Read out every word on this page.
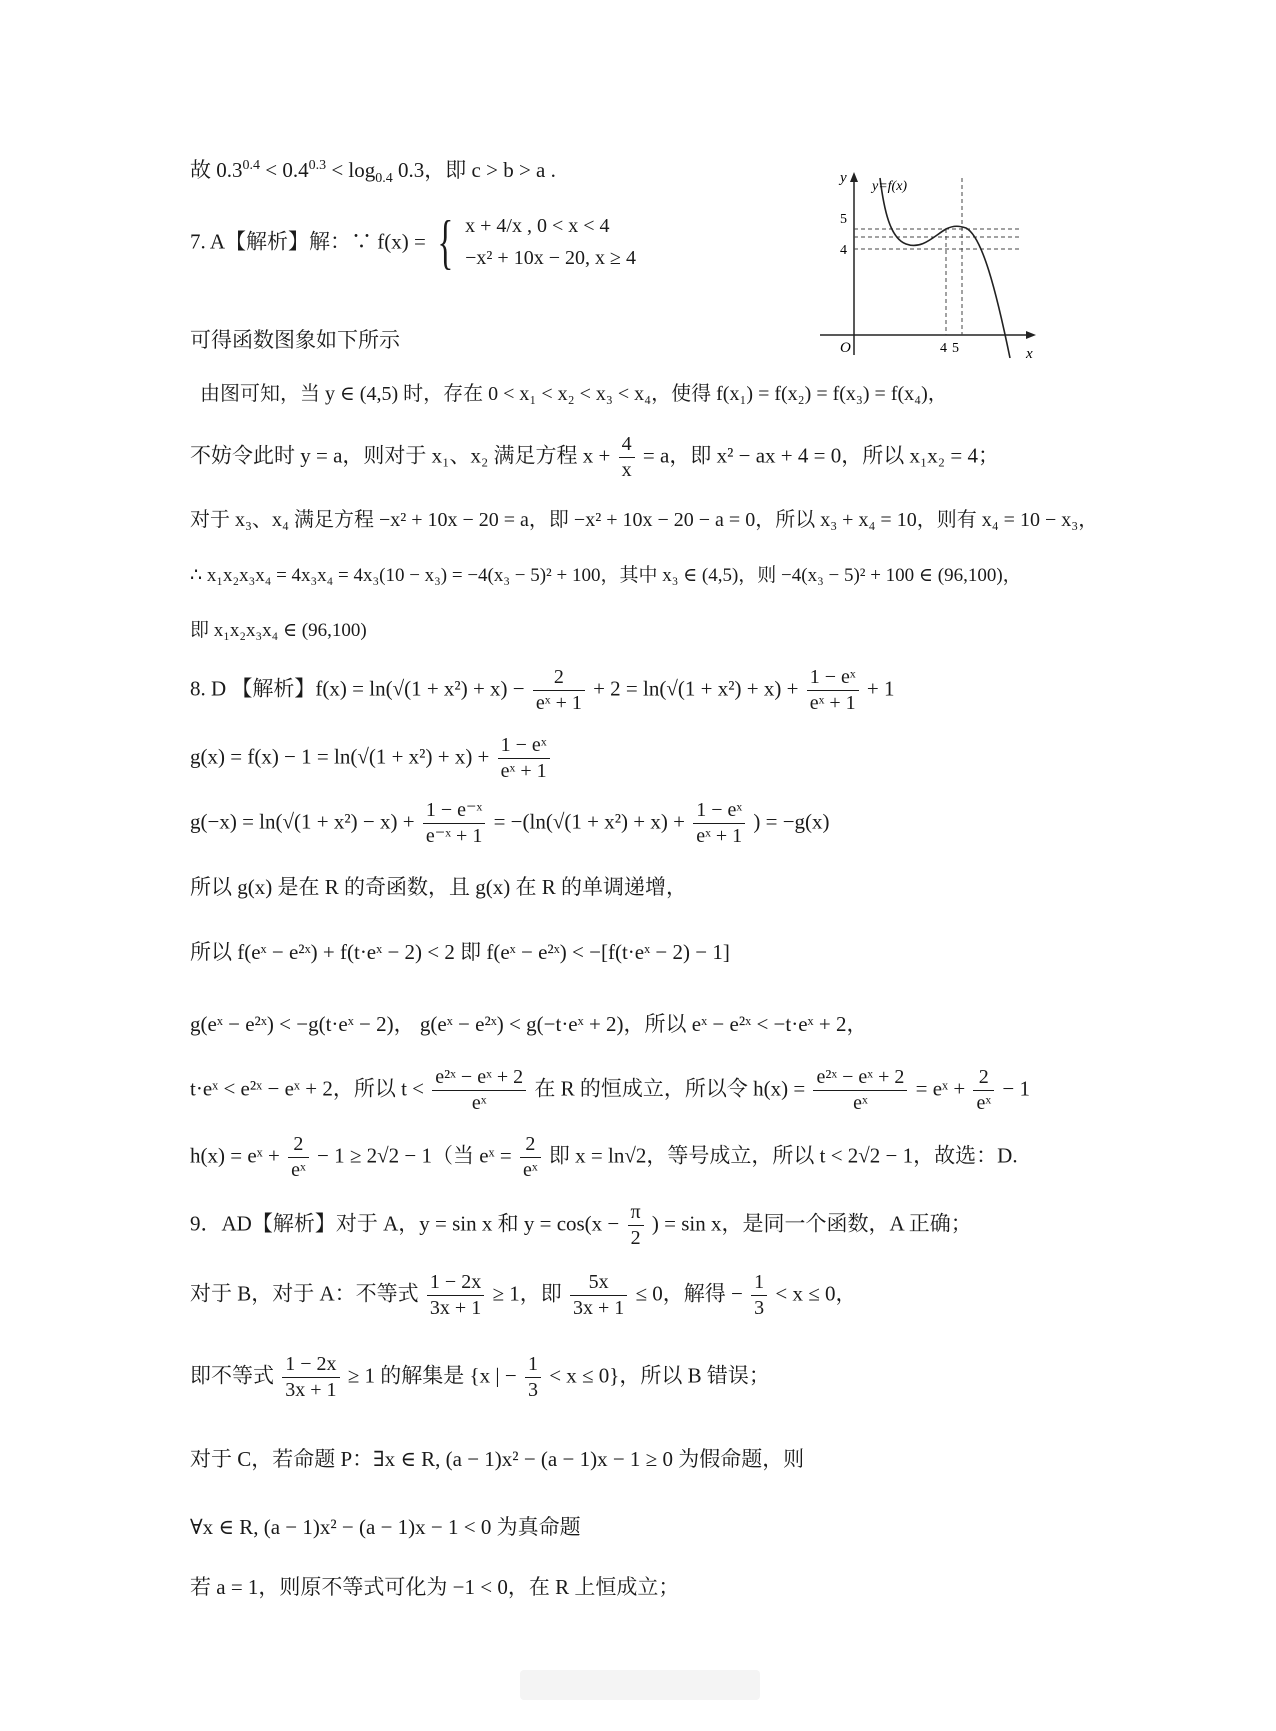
故 $0.3^{0.4} < 0.4^{0.3} < \log_{0.4} 0.3$，即 c > b > a .
7. A【解析】解：∵ f(x) = { x + 4/x , 0 < x < 4
−x² + 10x − 20, x ≥ 4
可得函数图象如下所示
由图可知，当 y ∈ (4,5) 时，存在 0 < x₁ < x₂ < x₃ < x₄，使得 f(x₁) = f(x₂) = f(x₃) = f(x₄)，
不妨令此时 y = a，则对于 x₁、x₂ 满足方程 $x + \frac{4}{x} = a$，即 x² − ax + 4 = 0，所以 x₁x₂ = 4；
对于 x₃、x₄ 满足方程 −x² + 10x − 20 = a，即 −x² + 10x − 20 − a = 0，所以 x₃ + x₄ = 10，则有 x₄ = 10 − x₃，
∴ x₁x₂x₃x₄ = 4x₃x₄ = 4x₃(10 − x₃) = −4(x₃ − 5)² + 100，其中 x₃ ∈ (4,5)，则 −4(x₃ − 5)² + 100 ∈ (96,100)，
即 x₁x₂x₃x₄ ∈ (96,100)
8. D 【解析】$f(x) = \ln(√(1 + x^2) + x) - \frac{2}{\text{eˣ + 1}} + 2 = \ln(√(1 + x^2) + x) + \frac{\text{1 − eˣ}}{\text{eˣ + 1}} + 1$
$g(x) = f(x) - 1 = \ln(√(1 + x^2) + x) + \frac{\text{1 − eˣ}}{\text{eˣ + 1}}$
$g(-x) = \ln(√(1 + x^2) - x) + \frac{\text{1 − e⁻ˣ}}{\text{e⁻ˣ + 1}} = -(\ln(√(1 + x^2) + x) + \frac{\text{1 − eˣ}}{\text{eˣ + 1}}$ ) = −g(x)
所以 g(x) 是在 R 的奇函数，且 g(x) 在 R 的单调递增，
所以 f(eˣ − e²ˣ) + f(t·eˣ − 2) < 2 即 f(eˣ − e²ˣ) < −[f(t·eˣ − 2) − 1]
g(eˣ − e²ˣ) < −g(t·eˣ − 2)， g(eˣ − e²ˣ) < g(−t·eˣ + 2)，所以 eˣ − e²ˣ < −t·eˣ + 2，
t·eˣ < e²ˣ − eˣ + 2，所以 $t < \frac{\text{e²ˣ − eˣ + 2}}{\text{eˣ}}$ 在 R 的恒成立，所以令 $h(x) = \frac{\text{e²ˣ − eˣ + 2}}{\text{eˣ}}$ = eˣ + $\frac{2}{\text{eˣ}} - 1$
h(x) = eˣ + $\frac{2}{\text{eˣ}} - 1 \ge 2√2 - 1$（当 eˣ = $\frac{2}{\text{eˣ}}$ 即 x = ln√2，等号成立，所以 t < 2√2 − 1，故选：D.
9．AD【解析】对于 A，y = sin x 和 $y = \cos(x - \frac{\pi}{2}$ ) = sin x，是同一个函数，A 正确；
对于 B，对于 A：不等式 $\frac{1 - 2x}{3x + 1} \ge 1$，即 $\frac{5x}{3x + 1} \le 0$，解得 − $\frac{1}{3} < x \le 0$，
即不等式 $\frac{1 - 2x}{3x + 1} \ge 1$ 的解集是 {x | − $\frac{1}{3} < x \le 0$}，所以 B 错误；
对于 C，若命题 P：∃x ∈ R, (a − 1)x² − (a − 1)x − 1 ≥ 0 为假命题，则
∀x ∈ R, (a − 1)x² − (a − 1)x − 1 < 0 为真命题
若 a = 1，则原不等式可化为 −1 < 0，在 R 上恒成立；
y
x
O
y=f(x)
5
4
4 5
